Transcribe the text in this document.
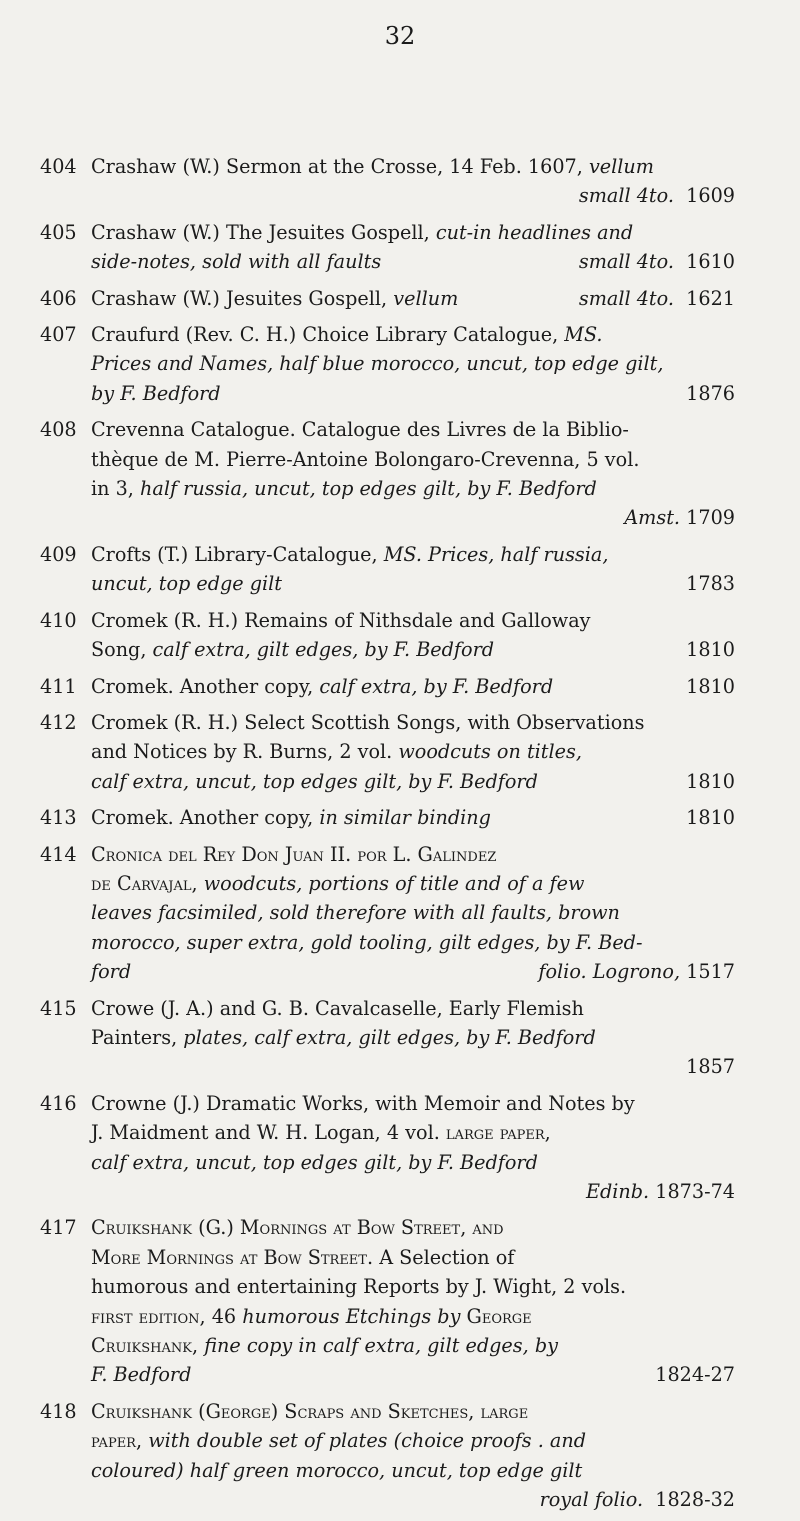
32
404 Crashaw (W.) Sermon at the Crosse, 14 Feb. 1607, vellum
small 4to. 1609
405 Crashaw (W.) The Jesuites Gospell, cut-in headlines and
side-notes, sold with all faults	small 4to.
1610
406 Crashaw (W.) Jesuites Gospell,
vellum	small 4to.
1621
407 Craufurd (Rev. C. H.) Choice Library Catalogue, MS.
Prices and Names, half blue morocco, uncut, top edge gilt,
by F. Bedford	1876
408 Crevenna Catalogue. Catalogue des Livres de la Biblio-
thèque de M. Pierre-Antoine Bolongaro-Crevenna, 5 vol.
in 3, half russia, uncut, top edges gilt, by F. Bedford
Amst. 1709
409 Crofts (T.) Library-Catalogue, MS. Prices, half russia,
uncut, top edge gilt	1783
410 Cromek (R. H.) Remains of Nithsdale and Galloway
Song,
calf extra, gilt edges, by F. Bedford	1810
411 Cromek. Another copy,
calf extra, by F. Bedford	1810
412 Cromek (R. H.) Select Scottish Songs, with Observations
and Notices by R. Burns, 2 vol. woodcuts on titles,
calf extra, uncut, top edges gilt, by F. Bedford	1810
413 Cromek. Another copy,
in similar binding	1810
414 Cronica del Rey Don Juan II. por L. Galindez
de Carvajal, woodcuts, portions of title and of a few
leaves facsimiled, sold therefore with all faults, brown
morocco, super extra, gold tooling, gilt edges, by F. Bed-
ford	folio. Logrono,
1517
415 Crowe (J. A.) and G. B. Cavalcaselle, Early Flemish
Painters, plates, calf extra, gilt edges, by F. Bedford
1857
416 Crowne (J.) Dramatic Works, with Memoir and Notes by
J. Maidment and W. H. Logan, 4 vol. large paper,
calf extra, uncut, top edges gilt, by F. Bedford
Edinb. 1873-74
417 Cruikshank (G.) Mornings at Bow Street, and
More Mornings at Bow Street. A Selection of
humorous and entertaining Reports by J. Wight, 2 vols.
first edition, 46 humorous Etchings by George
Cruikshank, fine copy in calf extra, gilt edges, by
F. Bedford	1824-27
418 Cruikshank (George) Scraps and Sketches, large
paper, with double set of plates (choice proofs . and
coloured) half green morocco, uncut, top edge gilt
royal folio. 1828-32
